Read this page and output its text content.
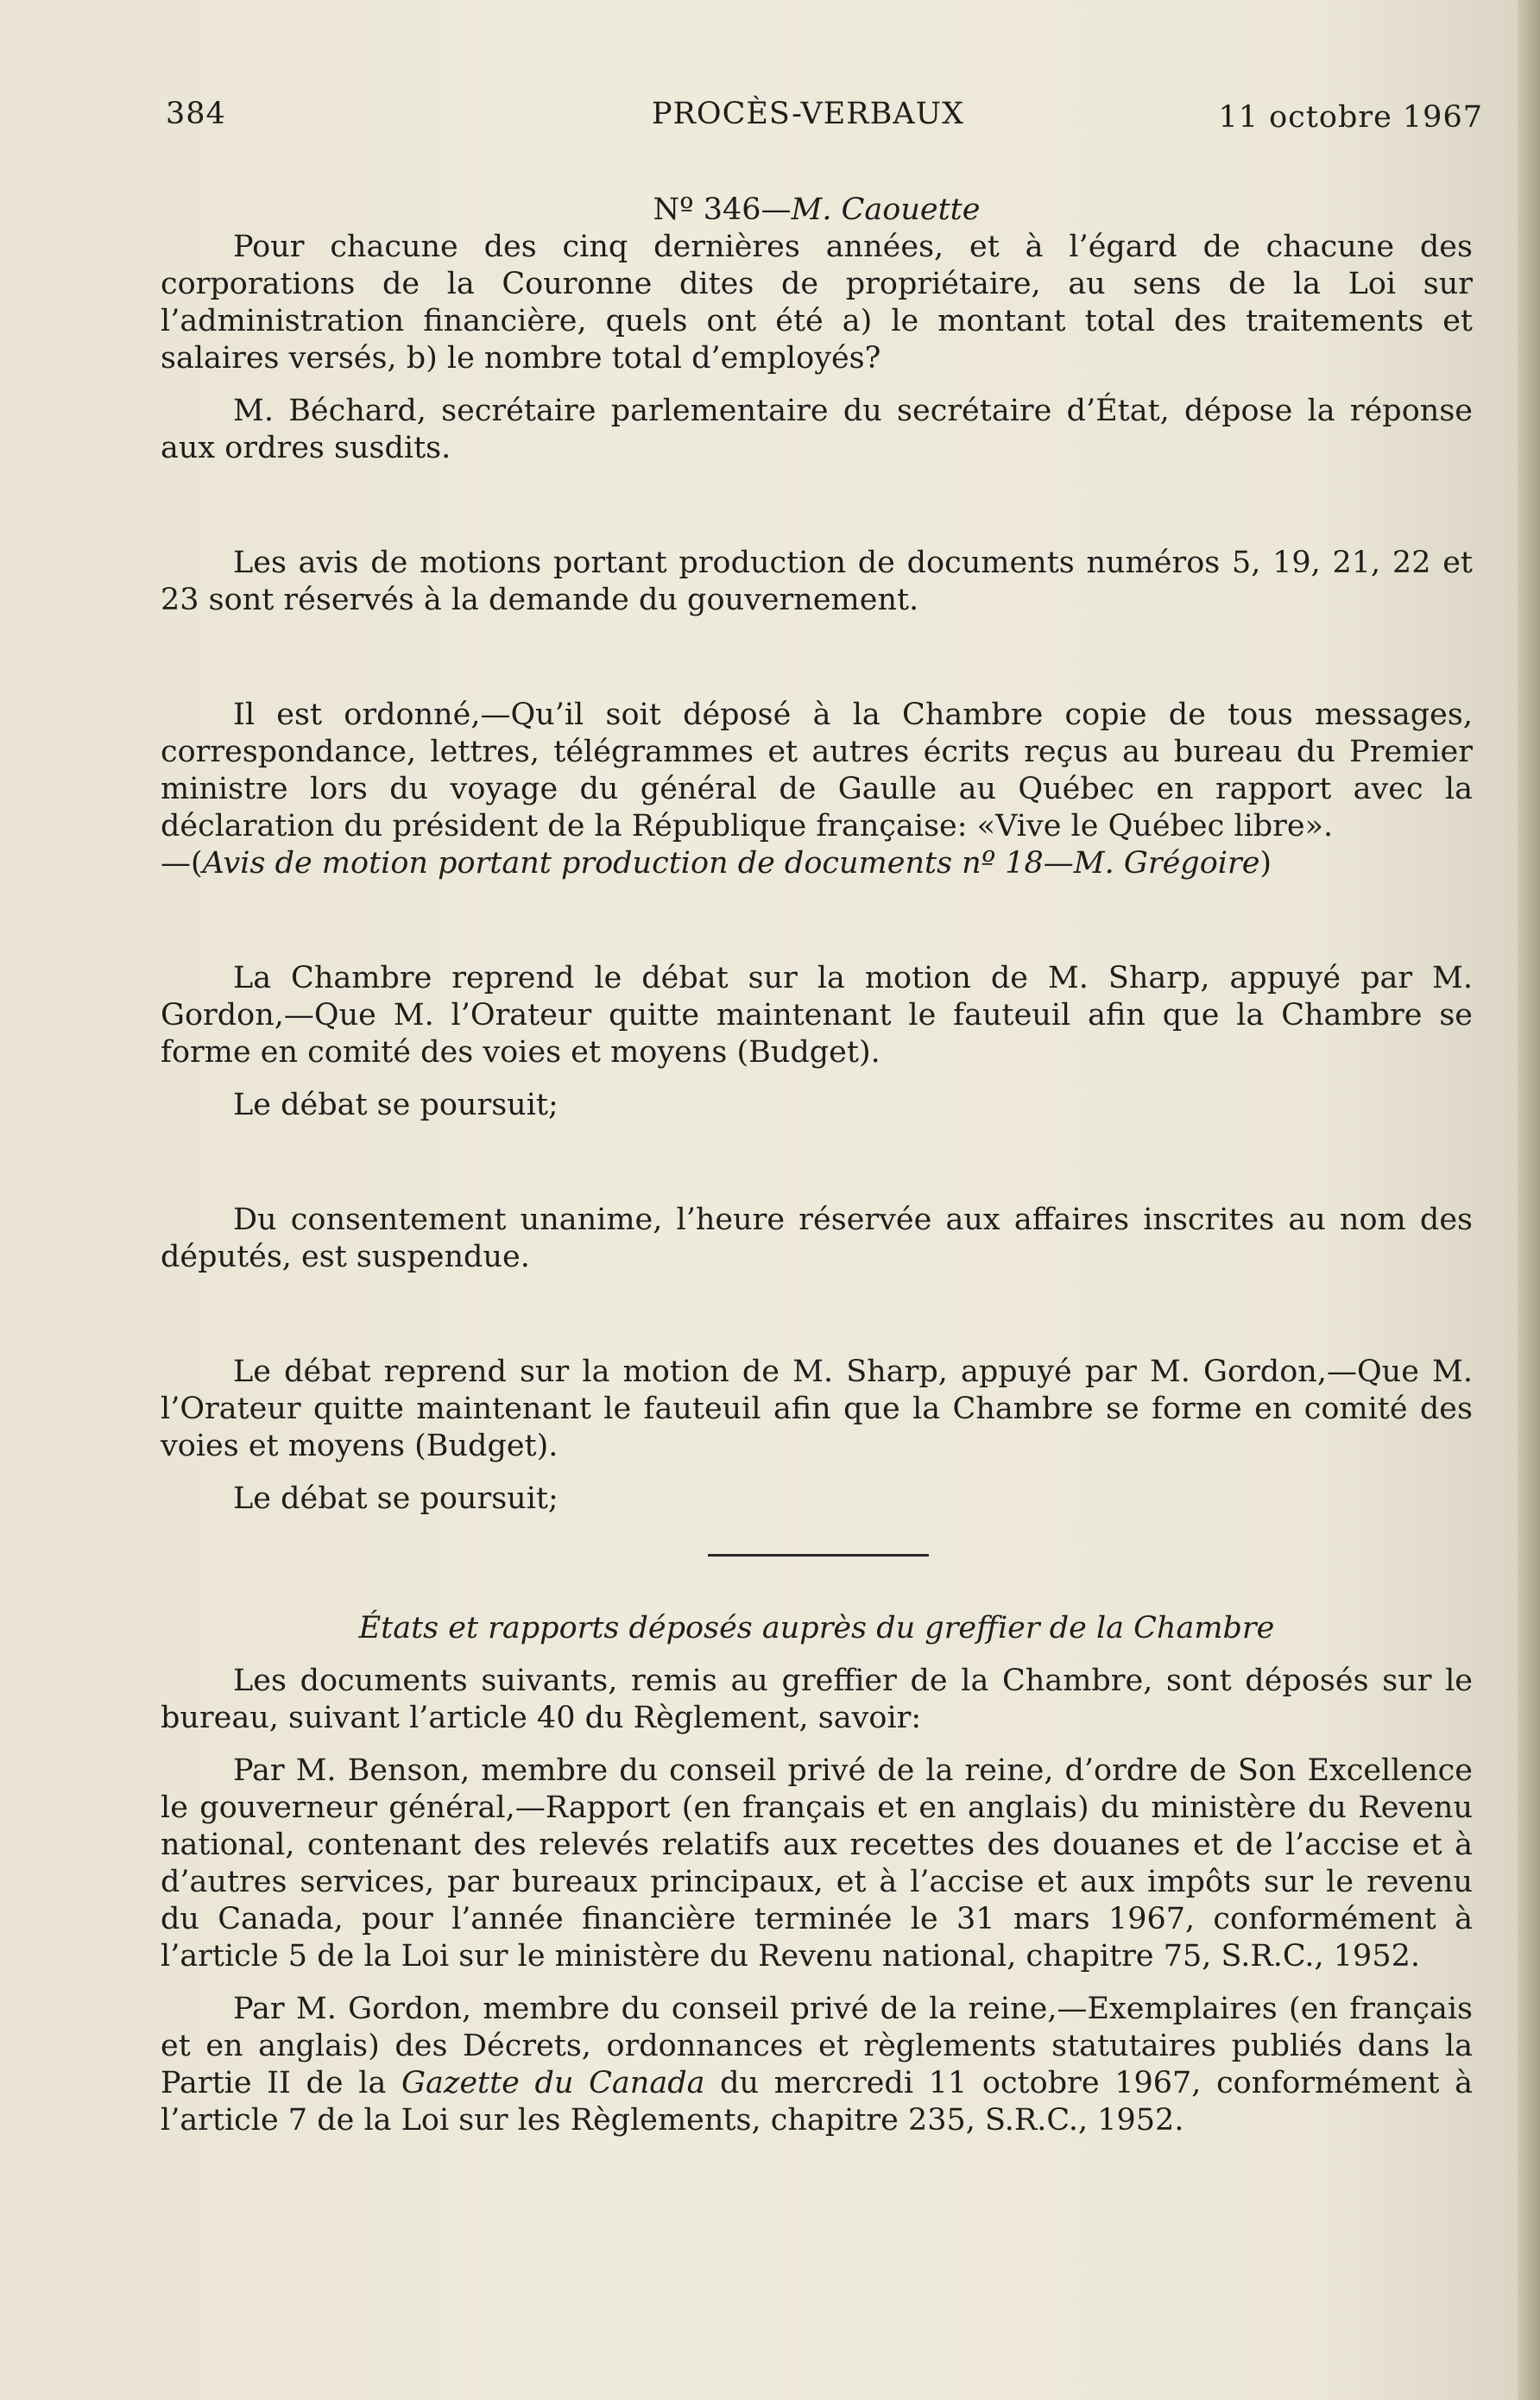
384	PROCÈS-VERBAUX	11 octobre 1967

Nº 346—M. Caouette

Pour chacune des cinq dernières années, et à l’égard de chacune des corporations de la Couronne dites de propriétaire, au sens de la Loi sur l’administration financière, quels ont été a) le montant total des traitements et salaires versés, b) le nombre total d’employés?

M. Béchard, secrétaire parlementaire du secrétaire d’État, dépose la réponse aux ordres susdits.

Les avis de motions portant production de documents numéros 5, 19, 21, 22 et 23 sont réservés à la demande du gouvernement.

Il est ordonné,—Qu’il soit déposé à la Chambre copie de tous messages, correspondance, lettres, télégrammes et autres écrits reçus au bureau du Premier ministre lors du voyage du général de Gaulle au Québec en rapport avec la déclaration du président de la République française: «Vive le Québec libre».
—(Avis de motion portant production de documents nº 18—M. Grégoire)

La Chambre reprend le débat sur la motion de M. Sharp, appuyé par M. Gordon,—Que M. l’Orateur quitte maintenant le fauteuil afin que la Chambre se forme en comité des voies et moyens (Budget).

Le débat se poursuit;

Du consentement unanime, l’heure réservée aux affaires inscrites au nom des députés, est suspendue.

Le débat reprend sur la motion de M. Sharp, appuyé par M. Gordon,—Que M. l’Orateur quitte maintenant le fauteuil afin que la Chambre se forme en comité des voies et moyens (Budget).

Le débat se poursuit;

États et rapports déposés auprès du greffier de la Chambre

Les documents suivants, remis au greffier de la Chambre, sont déposés sur le bureau, suivant l’article 40 du Règlement, savoir:

Par M. Benson, membre du conseil privé de la reine, d’ordre de Son Excellence le gouverneur général,—Rapport (en français et en anglais) du ministère du Revenu national, contenant des relevés relatifs aux recettes des douanes et de l’accise et à d’autres services, par bureaux principaux, et à l’accise et aux impôts sur le revenu du Canada, pour l’année financière terminée le 31 mars 1967, conformément à l’article 5 de la Loi sur le ministère du Revenu national, chapitre 75, S.R.C., 1952.

Par M. Gordon, membre du conseil privé de la reine,—Exemplaires (en français et en anglais) des Décrets, ordonnances et règlements statutaires publiés dans la Partie II de la Gazette du Canada du mercredi 11 octobre 1967, conformément à l’article 7 de la Loi sur les Règlements, chapitre 235, S.R.C., 1952.
